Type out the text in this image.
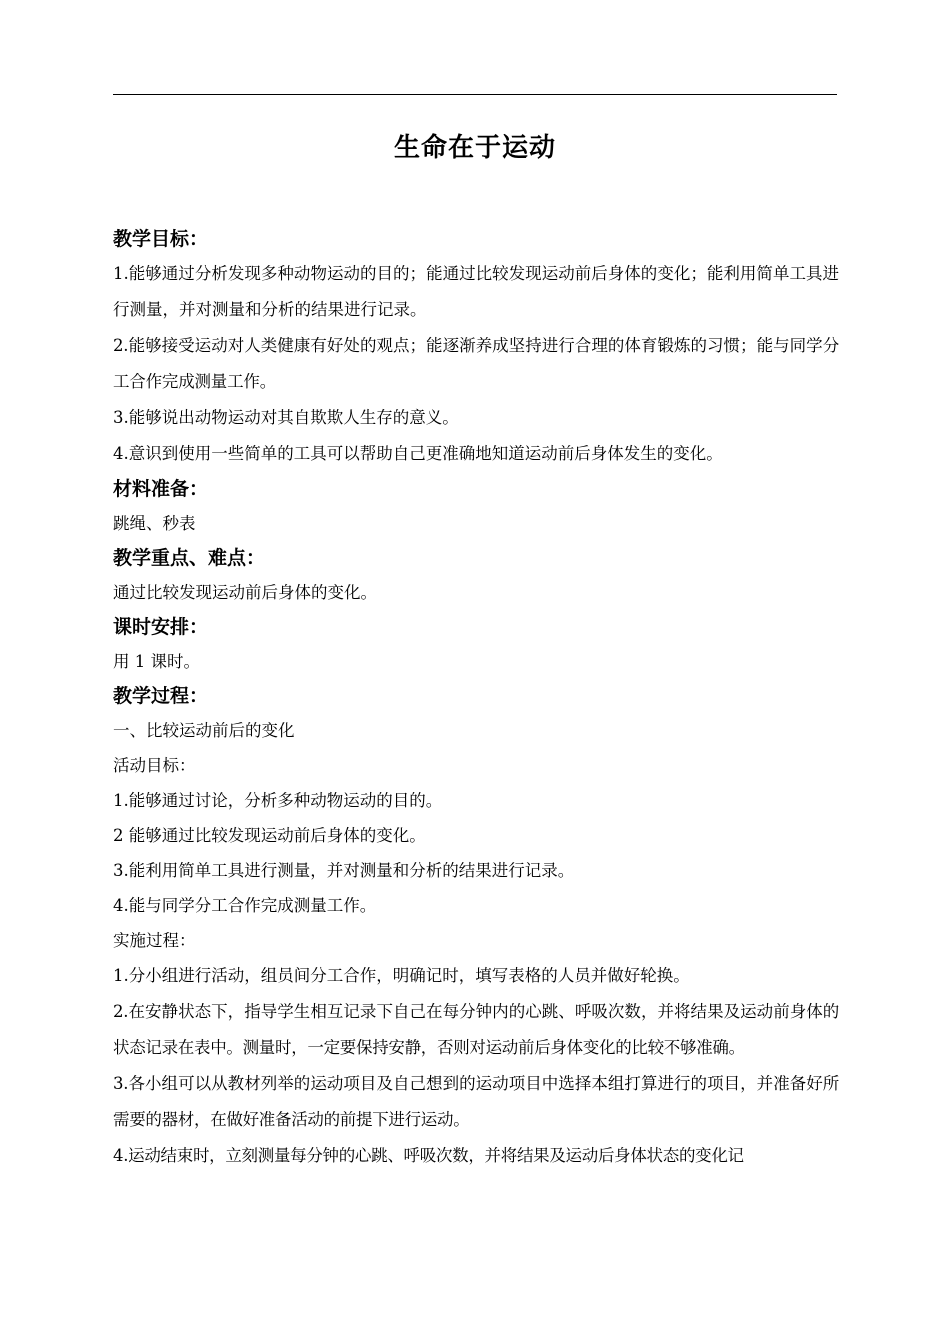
生命在于运动
教学目标：
1.能够通过分析发现多种动物运动的目的；能通过比较发现运动前后身体的变化；能利用简单工具进行测量，并对测量和分析的结果进行记录。
2.能够接受运动对人类健康有好处的观点；能逐渐养成坚持进行合理的体育锻炼的习惯；能与同学分工合作完成测量工作。
3.能够说出动物运动对其自欺欺人生存的意义。
4.意识到使用一些简单的工具可以帮助自己更准确地知道运动前后身体发生的变化。
材料准备：
跳绳、秒表
教学重点、难点：
通过比较发现运动前后身体的变化。
课时安排：
用 1 课时。
教学过程：
一、比较运动前后的变化
活动目标：
1.能够通过讨论，分析多种动物运动的目的。
2 能够通过比较发现运动前后身体的变化。
3.能利用简单工具进行测量，并对测量和分析的结果进行记录。
4.能与同学分工合作完成测量工作。
实施过程：
1.分小组进行活动，组员间分工合作，明确记时，填写表格的人员并做好轮换。
2.在安静状态下，指导学生相互记录下自己在每分钟内的心跳、呼吸次数，并将结果及运动前身体的状态记录在表中。测量时，一定要保持安静，否则对运动前后身体变化的比较不够准确。
3.各小组可以从教材列举的运动项目及自己想到的运动项目中选择本组打算进行的项目，并准备好所需要的器材，在做好准备活动的前提下进行运动。
4.运动结束时，立刻测量每分钟的心跳、呼吸次数，并将结果及运动后身体状态的变化记
